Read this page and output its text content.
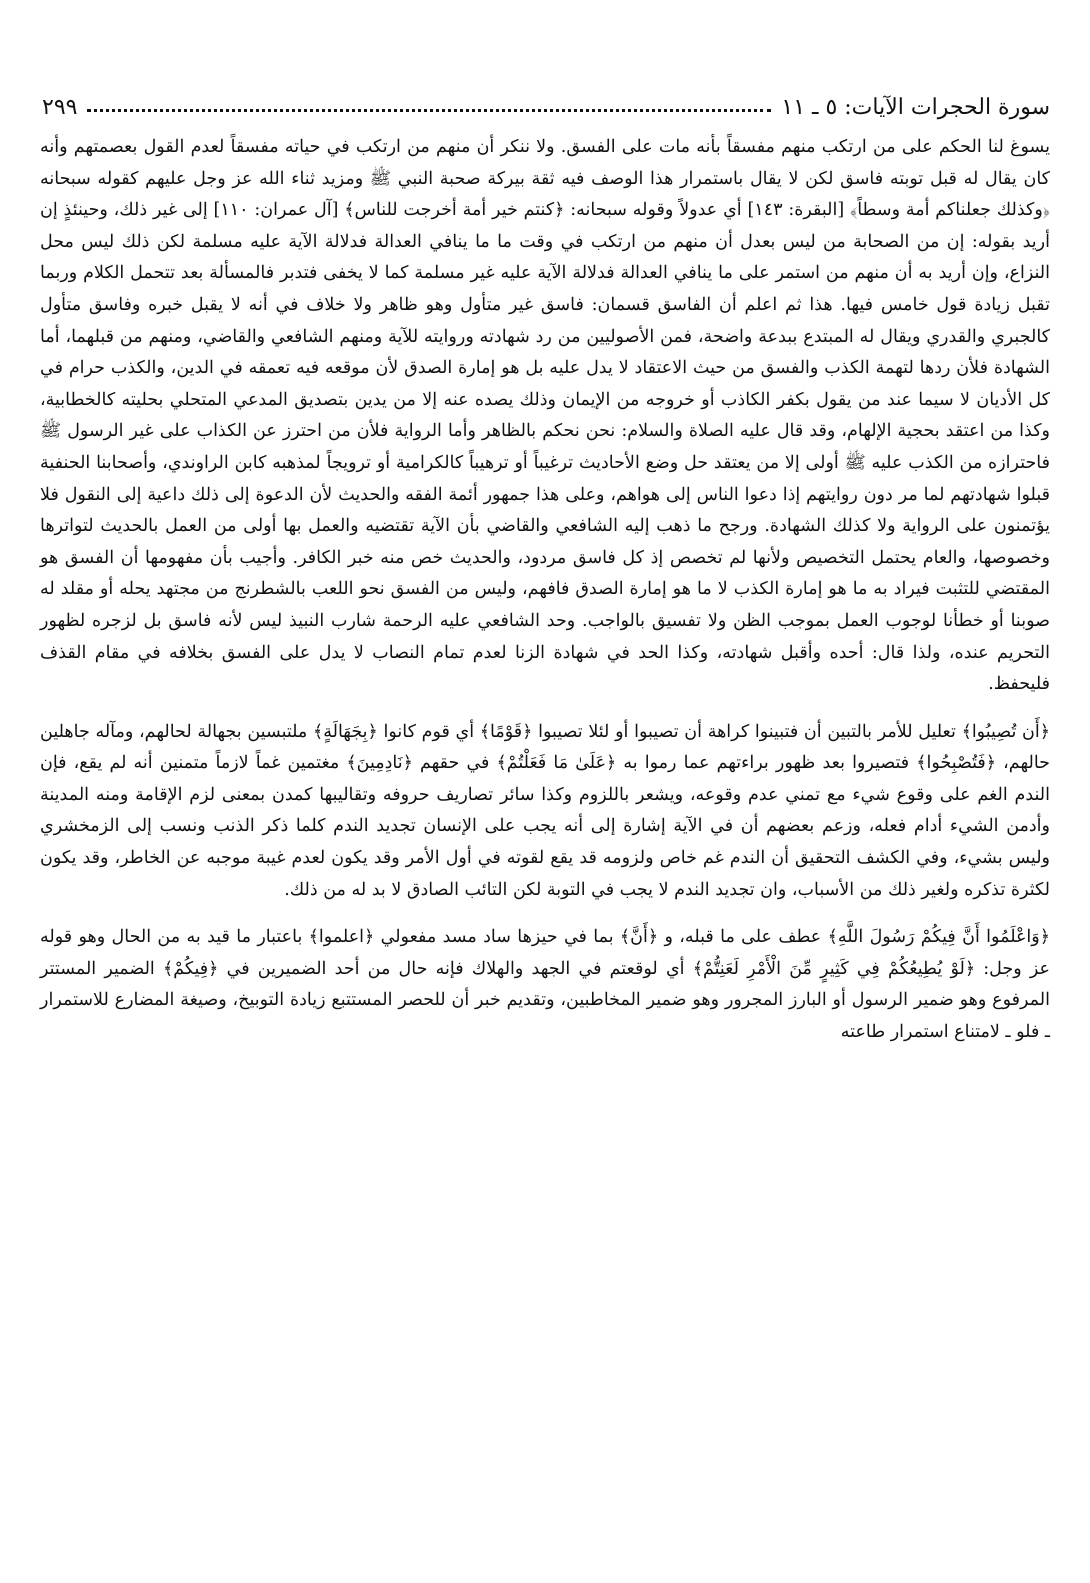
سورة الحجرات الآيات: ٥ ـ ١١
٢٩٩

يسوغ لنا الحكم على من ارتكب منهم مفسقاً بأنه مات على الفسق. ولا ننكر أن منهم من ارتكب في حياته مفسقاً لعدم القول بعصمتهم وأنه كان يقال له قبل توبته فاسق لكن لا يقال باستمرار هذا الوصف فيه ثقة بيركة صحبة النبي ﷺ ومزيد ثناء الله عز وجل عليهم كقوله سبحانه ﴿وكذلك جعلناكم أمة وسطاً﴾ [البقرة: ١٤٣] أي عدولاً وقوله سبحانه: ﴿كنتم خير أمة أخرجت للناس﴾ [آل عمران: ١١٠] إلى غير ذلك، وحينئذٍ إن أريد بقوله: إن من الصحابة من ليس بعدل أن منهم من ارتكب في وقت ما ما ينافي العدالة فدلالة الآية عليه مسلمة لكن ذلك ليس محل النزاع، وإن أريد به أن منهم من استمر على ما ينافي العدالة فدلالة الآية عليه غير مسلمة كما لا يخفى فتدبر فالمسألة بعد تتحمل الكلام وربما تقبل زيادة قول خامس فيها. هذا ثم اعلم أن الفاسق قسمان: فاسق غير متأول وهو ظاهر ولا خلاف في أنه لا يقبل خبره وفاسق متأول كالجبري والقدري ويقال له المبتدع ببدعة واضحة، فمن الأصوليين من رد شهادته وروايته للآية ومنهم الشافعي والقاضي، ومنهم من قبلهما، أما الشهادة فلأن ردها لتهمة الكذب والفسق من حيث الاعتقاد لا يدل عليه بل هو إمارة الصدق لأن موقعه فيه تعمقه في الدين، والكذب حرام في كل الأديان لا سيما عند من يقول بكفر الكاذب أو خروجه من الإيمان وذلك يصده عنه إلا من يدين بتصديق المدعي المتحلي بحليته كالخطابية، وكذا من اعتقد بحجية الإلهام، وقد قال عليه الصلاة والسلام: نحن نحكم بالظاهر وأما الرواية فلأن من احترز عن الكذاب على غير الرسول ﷺ فاحترازه من الكذب عليه ﷺ أولى إلا من يعتقد حل وضع الأحاديث ترغيباً أو ترهيباً كالكرامية أو ترويجاً لمذهبه كابن الراوندي، وأصحابنا الحنفية قبلوا شهادتهم لما مر دون روايتهم إذا دعوا الناس إلى هواهم، وعلى هذا جمهور أئمة الفقه والحديث لأن الدعوة إلى ذلك داعية إلى النقول فلا يؤتمنون على الرواية ولا كذلك الشهادة. ورجح ما ذهب إليه الشافعي والقاضي بأن الآية تقتضيه والعمل بها أولى من العمل بالحديث لتواترها وخصوصها، والعام يحتمل التخصيص ولأنها لم تخصص إذ كل فاسق مردود، والحديث خص منه خبر الكافر. وأجيب بأن مفهومها أن الفسق هو المقتضي للتثبت فيراد به ما هو إمارة الكذب لا ما هو إمارة الصدق فافهم، وليس من الفسق نحو اللعب بالشطرنج من مجتهد يحله أو مقلد له صوبنا أو خطأنا لوجوب العمل بموجب الظن ولا تفسيق بالواجب. وحد الشافعي عليه الرحمة شارب النبيذ ليس لأنه فاسق بل لزجره لظهور التحريم عنده، ولذا قال: أحده وأقبل شهادته، وكذا الحد في شهادة الزنا لعدم تمام النصاب لا يدل على الفسق بخلافه في مقام القذف فليحفظ.

﴿أَن تُصِيبُوا﴾ تعليل للأمر بالتبين أن فتبينوا كراهة أن تصيبوا أو لئلا تصيبوا ﴿قَوْمًا﴾ أي قوم كانوا ﴿بِجَهَالَةٍ﴾ ملتبسين بجهالة لحالهم، ومآله جاهلين حالهم، ﴿فَتُصْبِحُوا﴾ فتصيروا بعد ظهور براءتهم عما رموا به ﴿عَلَىٰ مَا فَعَلْتُمْ﴾ في حقهم ﴿نَادِمِينَ﴾ مغتمين غماً لازماً متمنين أنه لم يقع، فإن الندم الغم على وقوع شيء مع تمني عدم وقوعه، ويشعر باللزوم وكذا سائر تصاريف حروفه وتقاليبها كمدن بمعنى لزم الإقامة ومنه المدينة وأدمن الشيء أدام فعله، وزعم بعضهم أن في الآية إشارة إلى أنه يجب على الإنسان تجديد الندم كلما ذكر الذنب ونسب إلى الزمخشري وليس بشيء، وفي الكشف التحقيق أن الندم غم خاص ولزومه قد يقع لقوته في أول الأمر وقد يكون لعدم غيبة موجبه عن الخاطر، وقد يكون لكثرة تذكره ولغير ذلك من الأسباب، وان تجديد الندم لا يجب في التوبة لكن التائب الصادق لا بد له من ذلك.

﴿وَاعْلَمُوا أَنَّ فِيكُمْ رَسُولَ اللَّهِ﴾ عطف على ما قبله، و ﴿أَنَّ﴾ بما في حيزها ساد مسد مفعولي ﴿اعلموا﴾ باعتبار ما قيد به من الحال وهو قوله عز وجل: ﴿لَوْ يُطِيعُكُمْ فِي كَثِيرٍ مِّنَ الْأَمْرِ لَعَنِتُّمْ﴾ أي لوقعتم في الجهد والهلاك فإنه حال من أحد الضميرين في ﴿فِيكُمْ﴾ الضمير المستتر المرفوع وهو ضمير الرسول أو البارز المجرور وهو ضمير المخاطبين، وتقديم خبر أن للحصر المستتبع زيادة التوبيخ، وصيغة المضارع للاستمرار ـ فلو ـ لامتناع استمرار طاعته
